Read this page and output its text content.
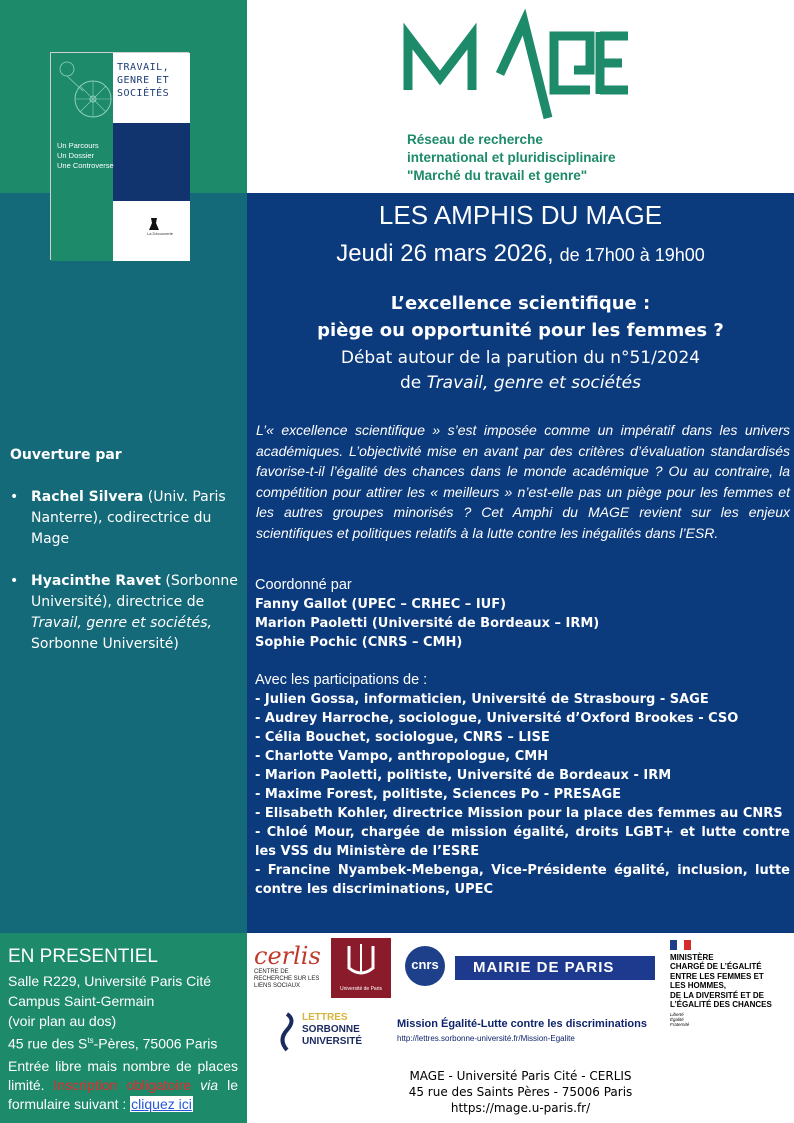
TRAVAIL,
GENRE ET
SOCIÉTÉS
Un Parcours
Un Dossier
Une Controverse
La Découverte
MAGE
Réseau de recherche
international et pluridisciplinaire
"Marché du travail et genre"
LES AMPHIS DU MAGE
Jeudi 26 mars 2026, de 17h00 à 19h00
L’excellence scientifique :
piège ou opportunité pour les femmes ?
Débat autour de la parution du n°51/2024
de Travail, genre et sociétés
L’« excellence scientifique » s’est imposée comme un impératif dans les univers académiques. L’objectivité mise en avant par des critères d’évaluation standardisés favorise-t-il l’égalité des chances dans le monde académique ? Ou au contraire, la compétition pour attirer les « meilleurs » n’est-elle pas un piège pour les femmes et les autres groupes minorisés ? Cet Amphi du MAGE revient sur les enjeux scientifiques et politiques relatifs à la lutte contre les inégalités dans l’ESR.
Coordonné par
Fanny Gallot (UPEC – CRHEC – IUF)
Marion Paoletti (Université de Bordeaux – IRM)
Sophie Pochic (CNRS – CMH)
Avec les participations de :
- Julien Gossa, informaticien, Université de Strasbourg - SAGE
- Audrey Harroche, sociologue, Université d’Oxford Brookes - CSO
- Célia Bouchet, sociologue, CNRS – LISE
- Charlotte Vampo, anthropologue, CMH
- Marion Paoletti, politiste, Université de Bordeaux - IRM
- Maxime Forest, politiste, Sciences Po - PRESAGE
- Elisabeth Kohler, directrice Mission pour la place des femmes au CNRS
- Chloé Mour, chargée de mission égalité, droits LGBT+ et lutte contre les VSS du Ministère de l’ESRE
- Francine Nyambek-Mebenga, Vice-Présidente égalité, inclusion, lutte contre les discriminations, UPEC
Ouverture par
• Rachel Silvera (Univ. Paris Nanterre), codirectrice du Mage
• Hyacinthe Ravet (Sorbonne Université), directrice de Travail, genre et sociétés, Sorbonne Université)
EN PRESENTIEL
Salle R229, Université Paris Cité
Campus Saint-Germain
(voir plan au dos)
45 rue des $S^{ts}$-Pères, 75006 Paris
Entrée libre mais nombre de places limité. Inscription obligatoire via le formulaire suivant : cliquez ici
cerlis
CENTRE DE RECHERCHE SUR LES LIENS SOCIAUX	Université de Paris
cnrs	MAIRIE DE PARIS
MINISTÈRE
CHARGÉ DE L’ÉGALITÉ
ENTRE LES FEMMES ET
LES HOMMES,
DE LA DIVERSITÉ ET DE
L’ÉGALITÉ DES CHANCES
Liberté
Égalité
Fraternité
LETTRES
SORBONNE
UNIVERSITÉ
Mission Égalité-Lutte contre les discriminations
http://lettres.sorbonne-université.fr/Mission-Egalite
MAGE - Université Paris Cité - CERLIS
45 rue des Saints Pères - 75006 Paris
https://mage.u-paris.fr/
